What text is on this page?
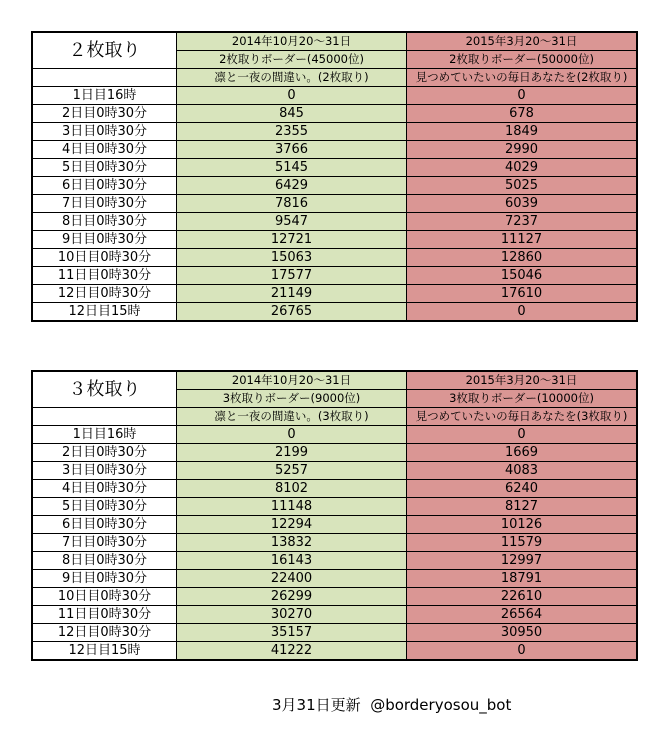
２枚取り	2014年10月20～31日	2015年3月20～31日
	2枚取りボーダー(45000位)	2枚取りボーダー(50000位)
	凛と一夜の間違い。(2枚取り)	見つめていたいの毎日あなたを(2枚取り)
1日目16時	0	0
2日目0時30分	845	678
3日目0時30分	2355	1849
4日目0時30分	3766	2990
5日目0時30分	5145	4029
6日目0時30分	6429	5025
7日目0時30分	7816	6039
8日目0時30分	9547	7237
9日目0時30分	12721	11127
10日目0時30分	15063	12860
11日目0時30分	17577	15046
12日目0時30分	21149	17610
12日目15時	26765	0
３枚取り	2014年10月20～31日	2015年3月20～31日
	3枚取りボーダー(9000位)	3枚取りボーダー(10000位)
	凛と一夜の間違い。(3枚取り)	見つめていたいの毎日あなたを(3枚取り)
1日目16時	0	0
2日目0時30分	2199	1669
3日目0時30分	5257	4083
4日目0時30分	8102	6240
5日目0時30分	11148	8127
6日目0時30分	12294	10126
7日目0時30分	13832	11579
8日目0時30分	16143	12997
9日目0時30分	22400	18791
10日目0時30分	26299	22610
11日目0時30分	30270	26564
12日目0時30分	35157	30950
12日目15時	41222	0
3月31日更新 @borderyosou_bot
